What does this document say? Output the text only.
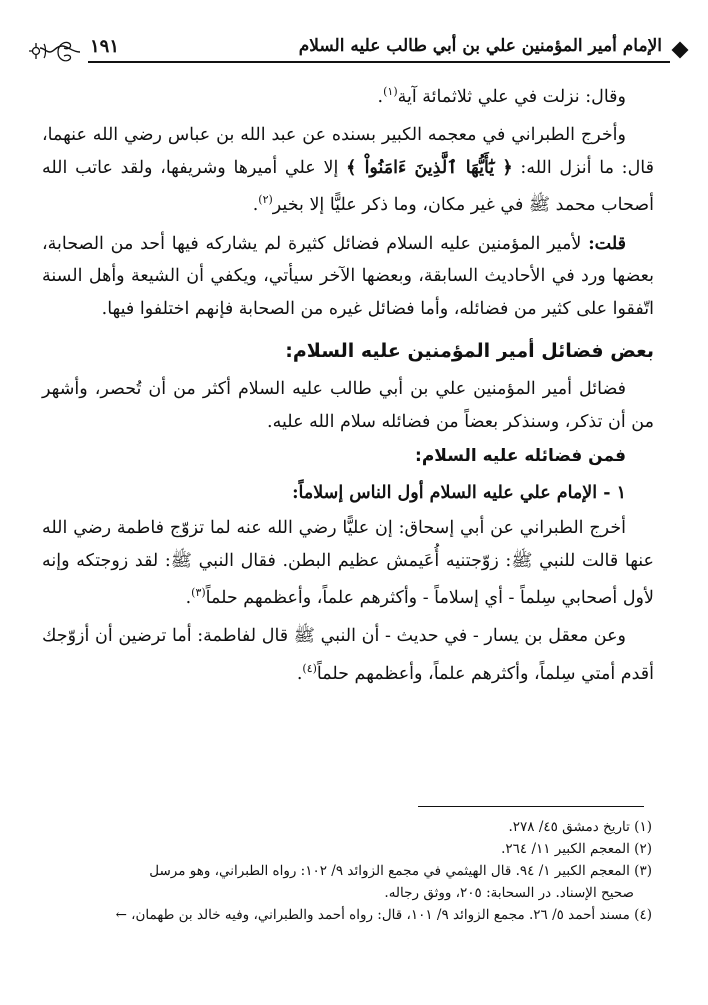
الإمام أمير المؤمنين علي بن أبي طالب عليه السلام
١٩١

وقال: نزلت في علي ثلاثمائة آية$^{(١)}$.

وأخرج الطبراني في معجمه الكبير بسنده عن عبد الله بن عباس رضي الله عنهما، قال: ما أنزل الله: ﴿ يَٰٓأَيُّهَا ٱلَّذِينَ ءَامَنُواْ ﴾ إلا علي أميرها وشريفها، ولقد عاتب الله أصحاب محمد ﷺ في غير مكان، وما ذكر عليًّا إلا بخير$^{(٢)}$.

قلت: لأمير المؤمنين عليه السلام فضائل كثيرة لم يشاركه فيها أحد من الصحابة، بعضها ورد في الأحاديث السابقة، وبعضها الآخر سيأتي، ويكفي أن الشيعة وأهل السنة اتّفقوا على كثير من فضائله، وأما فضائل غيره من الصحابة فإنهم اختلفوا فيها.

بعض فضائل أمير المؤمنين عليه السلام:

فضائل أمير المؤمنين علي بن أبي طالب عليه السلام أكثر من أن تُحصر، وأشهر من أن تذكر، وسنذكر بعضاً من فضائله سلام الله عليه.

فمن فضائله عليه السلام:
١ - الإمام علي عليه السلام أول الناس إسلاماً:

أخرج الطبراني عن أبي إسحاق: إن عليًّا رضي الله عنه لما تزوّج فاطمة رضي الله عنها قالت للنبي ﷺ: زوّجتنيه أُعَيمش عظيم البطن. فقال النبي ﷺ: لقد زوجتكه وإنه لأول أصحابي سِلماً - أي إسلاماً - وأكثرهم علماً، وأعظمهم حلماً$^{(٣)}$.

وعن معقل بن يسار - في حديث - أن النبي ﷺ قال لفاطمة: أما ترضين أن أزوّجك أقدم أمتي سِلماً، وأكثرهم علماً، وأعظمهم حلماً$^{(٤)}$.

(١) تاريخ دمشق ٤٥/ ٢٧٨.

(٢) المعجم الكبير ١١/ ٢٦٤.

(٣) المعجم الكبير ١/ ٩٤. قال الهيثمي في مجمع الزوائد ٩/ ١٠٢: رواه الطبراني، وهو مرسل

صحيح الإسناد. در السحابة: ٢٠٥، ووثق رجاله.

(٤) مسند أحمد ٥/ ٢٦. مجمع الزوائد ٩/ ١٠١، قال: رواه أحمد والطبراني، وفيه خالد بن طهمان، ←
